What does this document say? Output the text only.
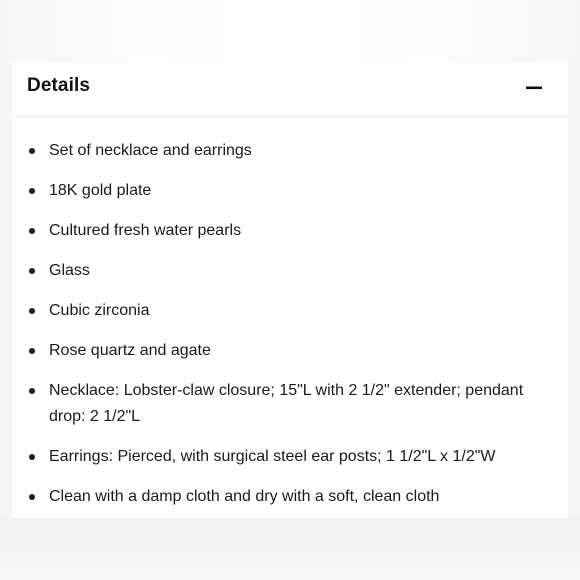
Details
Set of necklace and earrings
18K gold plate
Cultured fresh water pearls
Glass
Cubic zirconia
Rose quartz and agate
Necklace: Lobster-claw closure; 15"L with 2 1/2" extender; pendant drop: 2 1/2"L
Earrings: Pierced, with surgical steel ear posts; 1 1/2"L x 1/2"W
Clean with a damp cloth and dry with a soft, clean cloth
